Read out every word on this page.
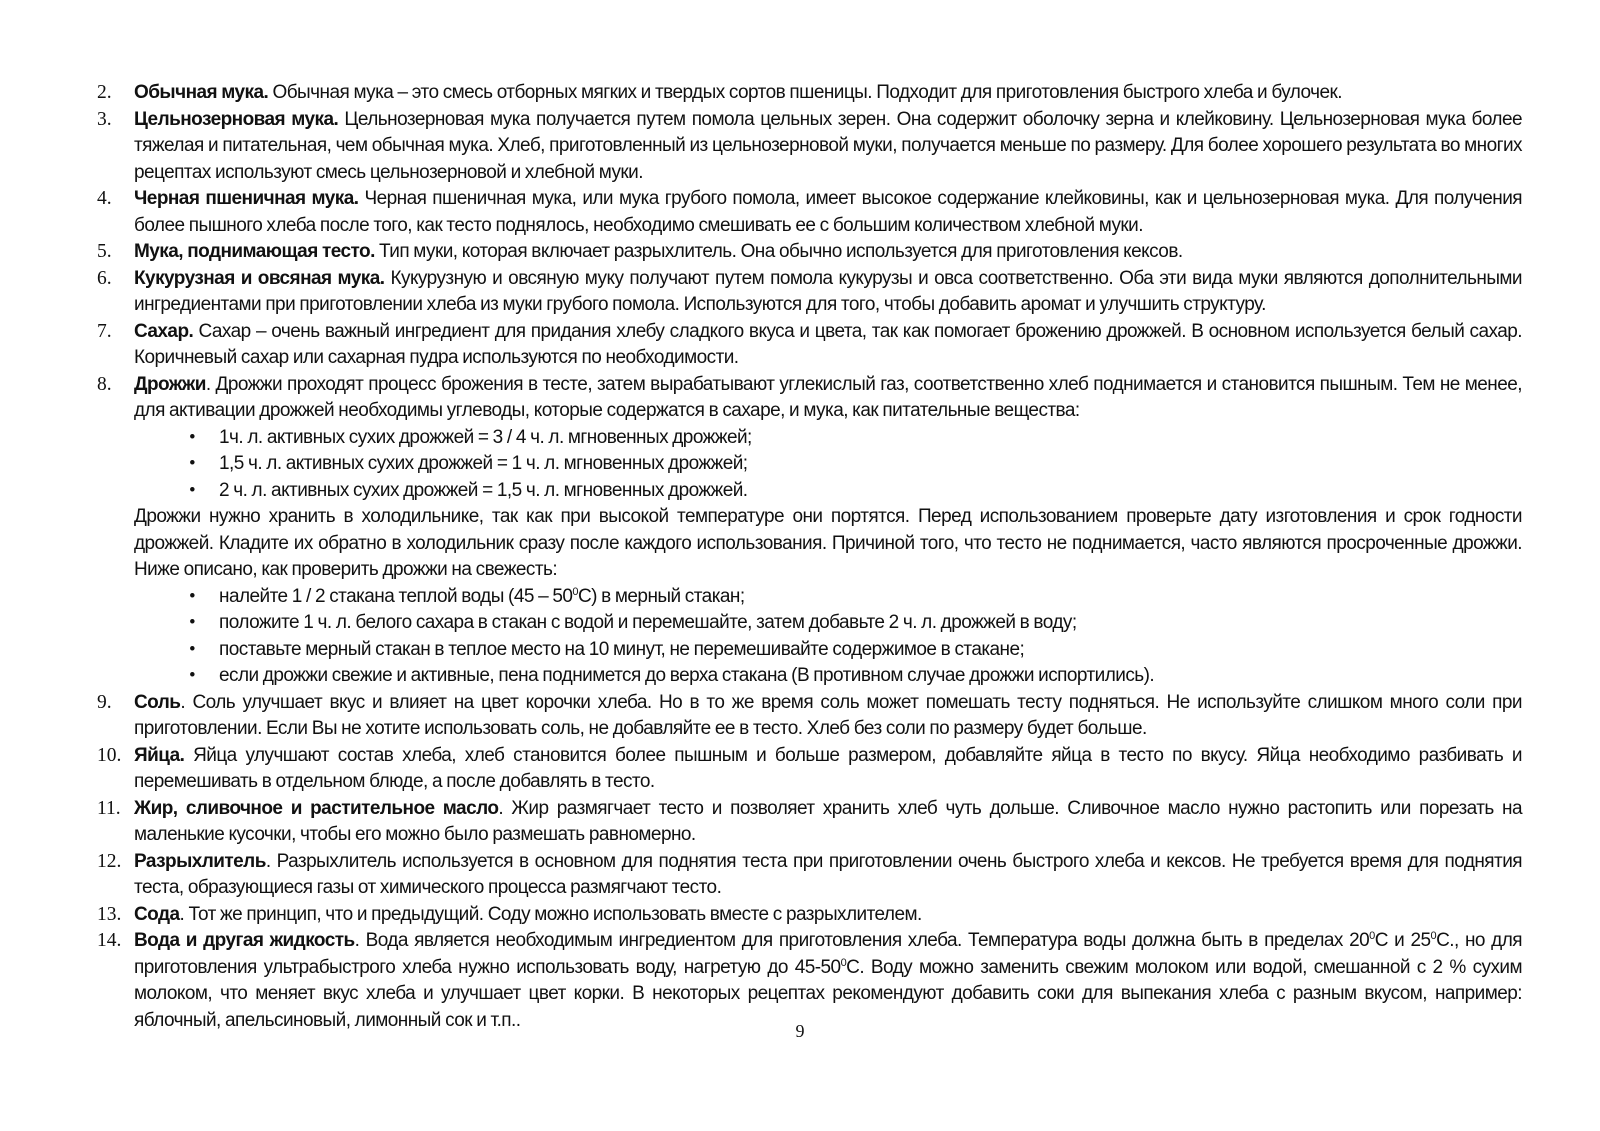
2. Обычная мука. Обычная мука – это смесь отборных мягких и твердых сортов пшеницы. Подходит для приготовления быстрого хлеба и булочек.
3. Цельнозерновая мука. Цельнозерновая мука получается путем помола цельных зерен. Она содержит оболочку зерна и клейковину. Цельнозерновая мука более тяжелая и питательная, чем обычная мука. Хлеб, приготовленный из цельнозерновой муки, получается меньше по размеру. Для более хорошего результата во многих рецептах используют смесь цельнозерновой и хлебной муки.
4. Черная пшеничная мука. Черная пшеничная мука, или мука грубого помола, имеет высокое содержание клейковины, как и цельнозерновая мука. Для получения более пышного хлеба после того, как тесто поднялось, необходимо смешивать ее с большим количеством хлебной муки.
5. Мука, поднимающая тесто. Тип муки, которая включает разрыхлитель. Она обычно используется для приготовления кексов.
6. Кукурузная и овсяная мука. Кукурузную и овсяную муку получают путем помола кукурузы и овса соответственно. Оба эти вида муки являются дополнительными ингредиентами при приготовлении хлеба из муки грубого помола. Используются для того, чтобы добавить аромат и улучшить структуру.
7. Сахар. Сахар – очень важный ингредиент для придания хлебу сладкого вкуса и цвета, так как помогает брожению дрожжей. В основном используется белый сахар. Коричневый сахар или сахарная пудра используются по необходимости.
8. Дрожжи. Дрожжи проходят процесс брожения в тесте, затем вырабатывают углекислый газ, соответственно хлеб поднимается и становится пышным. Тем не менее, для активации дрожжей необходимы углеводы, которые содержатся в сахаре, и мука, как питательные вещества:
• 1ч. л. активных сухих дрожжей = 3 / 4 ч. л. мгновенных дрожжей;
• 1,5 ч. л. активных сухих дрожжей = 1 ч. л. мгновенных дрожжей;
• 2 ч. л. активных сухих дрожжей = 1,5 ч. л. мгновенных дрожжей.
Дрожжи нужно хранить в холодильнике, так как при высокой температуре они портятся. Перед использованием проверьте дату изготовления и срок годности дрожжей. Кладите их обратно в холодильник сразу после каждого использования. Причиной того, что тесто не поднимается, часто являются просроченные дрожжи. Ниже описано, как проверить дрожжи на свежесть:
• налейте 1 / 2 стакана теплой воды $(45 - 50^0С)$ в мерный стакан;
• положите 1 ч. л. белого сахара в стакан с водой и перемешайте, затем добавьте 2 ч. л. дрожжей в воду;
• поставьте мерный стакан в теплое место на 10 минут, не перемешивайте содержимое в стакане;
• если дрожжи свежие и активные, пена поднимется до верха стакана (В противном случае дрожжи испортились).
9. Соль. Соль улучшает вкус и влияет на цвет корочки хлеба. Но в то же время соль может помешать тесту подняться. Не используйте слишком много соли при приготовлении. Если Вы не хотите использовать соль, не добавляйте ее в тесто. Хлеб без соли по размеру будет больше.
10. Яйца. Яйца улучшают состав хлеба, хлеб становится более пышным и больше размером, добавляйте яйца в тесто по вкусу. Яйца необходимо разбивать и перемешивать в отдельном блюде, а после добавлять в тесто.
11. Жир, сливочное и растительное масло. Жир размягчает тесто и позволяет хранить хлеб чуть дольше. Сливочное масло нужно растопить или порезать на маленькие кусочки, чтобы его можно было размешать равномерно.
12. Разрыхлитель. Разрыхлитель используется в основном для поднятия теста при приготовлении очень быстрого хлеба и кексов. Не требуется время для поднятия теста, образующиеся газы от химического процесса размягчают тесто.
13. Сода. Тот же принцип, что и предыдущий. Соду можно использовать вместе с разрыхлителем.
14. Вода и другая жидкость. Вода является необходимым ингредиентом для приготовления хлеба. Температура воды должна быть в пределах $20^0С$ и $25^0С$., но для приготовления ультрабыстрого хлеба нужно использовать воду, нагретую до $45-50^0С$. Воду можно заменить свежим молоком или водой, смешанной с 2 % сухим молоком, что меняет вкус хлеба и улучшает цвет корки. В некоторых рецептах рекомендуют добавить соки для выпекания хлеба с разным вкусом, например: яблочный, апельсиновый, лимонный сок и т.п..
9
